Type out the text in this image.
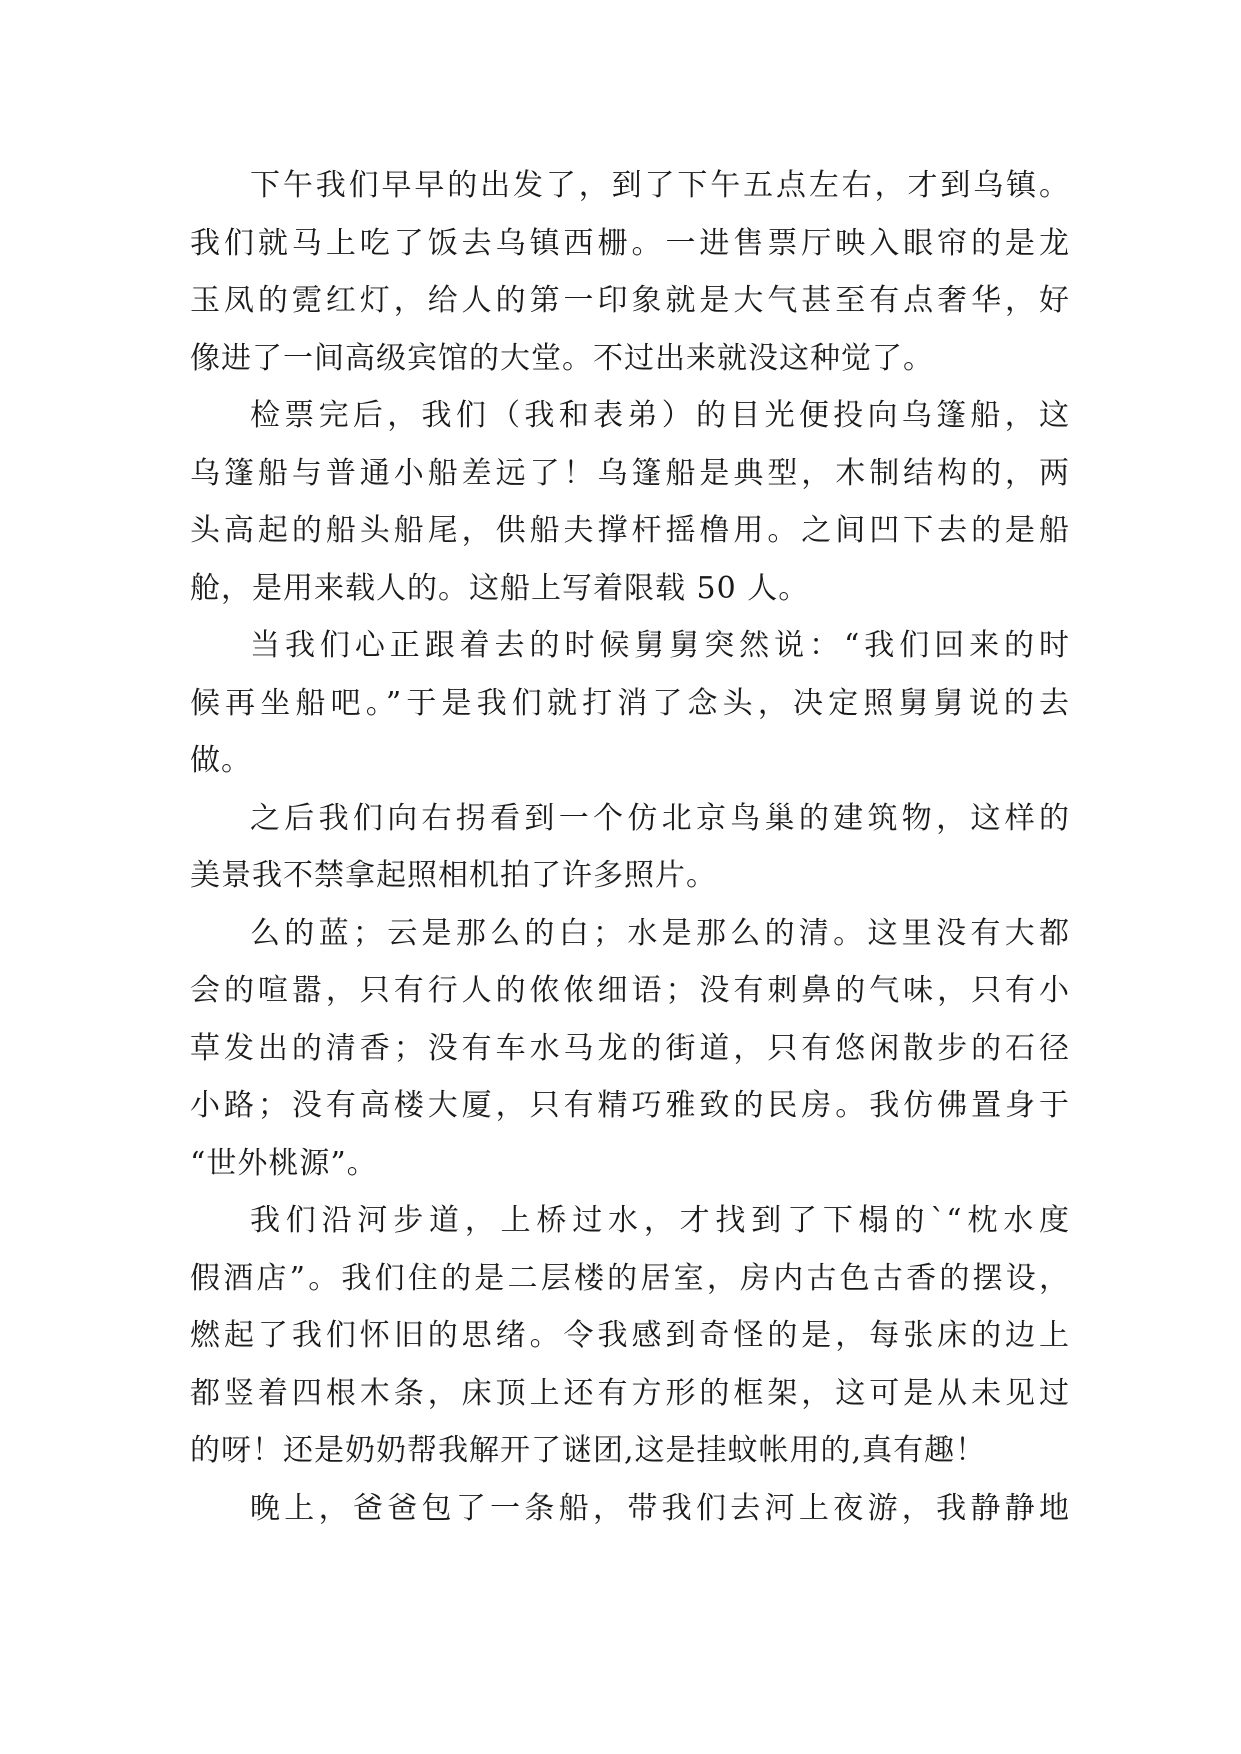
下午我们早早的出发了，到了下午五点左右，才到乌镇。
我们就马上吃了饭去乌镇西栅。一进售票厅映入眼帘的是龙
玉凤的霓红灯，给人的第一印象就是大气甚至有点奢华，好
像进了一间高级宾馆的大堂。不过出来就没这种觉了。
检票完后，我们（我和表弟）的目光便投向乌篷船，这
乌篷船与普通小船差远了！乌篷船是典型，木制结构的，两
头高起的船头船尾，供船夫撑杆摇橹用。之间凹下去的是船
舱，是用来载人的。这船上写着限载 50 人。
当我们心正跟着去的时候舅舅突然说：“我们回来的时
候再坐船吧。”于是我们就打消了念头，决定照舅舅说的去
做。
之后我们向右拐看到一个仿北京鸟巢的建筑物，这样的
美景我不禁拿起照相机拍了许多照片。
么的蓝；云是那么的白；水是那么的清。这里没有大都
会的喧嚣，只有行人的侬侬细语；没有刺鼻的气味，只有小
草发出的清香；没有车水马龙的街道，只有悠闲散步的石径
小路；没有高楼大厦，只有精巧雅致的民房。我仿佛置身于
“世外桃源”。
我们沿河步道，上桥过水，才找到了下榻的`“枕水度
假酒店”。我们住的是二层楼的居室，房内古色古香的摆设，
燃起了我们怀旧的思绪。令我感到奇怪的是，每张床的边上
都竖着四根木条，床顶上还有方形的框架，这可是从未见过
的呀！还是奶奶帮我解开了谜团,这是挂蚊帐用的,真有趣！
晚上，爸爸包了一条船，带我们去河上夜游，我静静地
